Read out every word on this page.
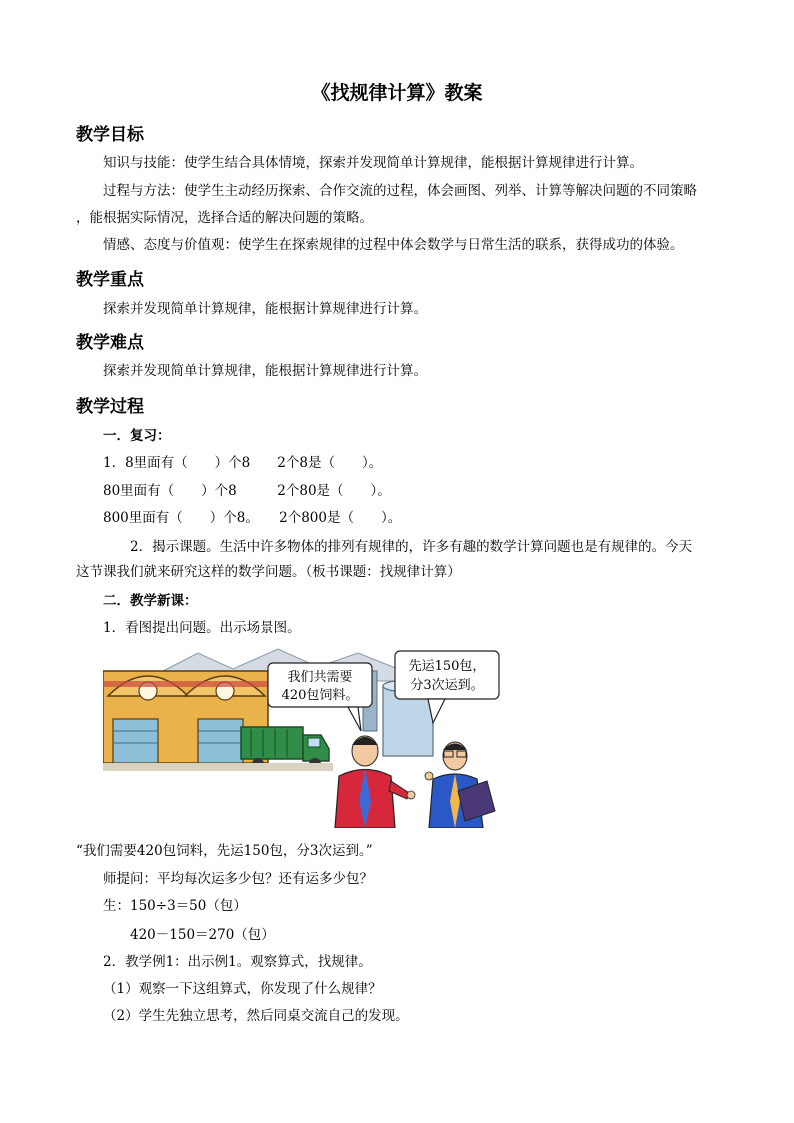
《找规律计算》教案
教学目标
知识与技能：使学生结合具体情境，探索并发现简单计算规律，能根据计算规律进行计算。
过程与方法：使学生主动经历探索、合作交流的过程，体会画图、列举、计算等解决问题的不同策略
，能根据实际情况，选择合适的解决问题的策略。
情感、态度与价值观：使学生在探索规律的过程中体会数学与日常生活的联系，获得成功的体验。
教学重点
探索并发现简单计算规律，能根据计算规律进行计算。
教学难点
探索并发现简单计算规律，能根据计算规律进行计算。
教学过程
一．复习：
1．8里面有（　　）个8　　2个8是（　　）。
80里面有（　　）个8　　　2个80是（　　）。
800里面有（　　）个8。　　2个800是（　　）。
2．揭示课题。生活中许多物体的排列有规律的，许多有趣的数学计算问题也是有规律的。今天
这节课我们就来研究这样的数学问题。（板书课题：找规律计算）
二．教学新课：
1．看图提出问题。出示场景图。
我们共需要
420包饲料。
先运150包，
分3次运到。
“我们需要420包饲料，先运150包，分3次运到。”
师提问：平均每次运多少包？还有运多少包？
生：150÷3＝50（包）
420－150＝270（包）
2．教学例1：出示例1。观察算式，找规律。
（1）观察一下这组算式，你发现了什么规律？
（2）学生先独立思考，然后同桌交流自己的发现。
